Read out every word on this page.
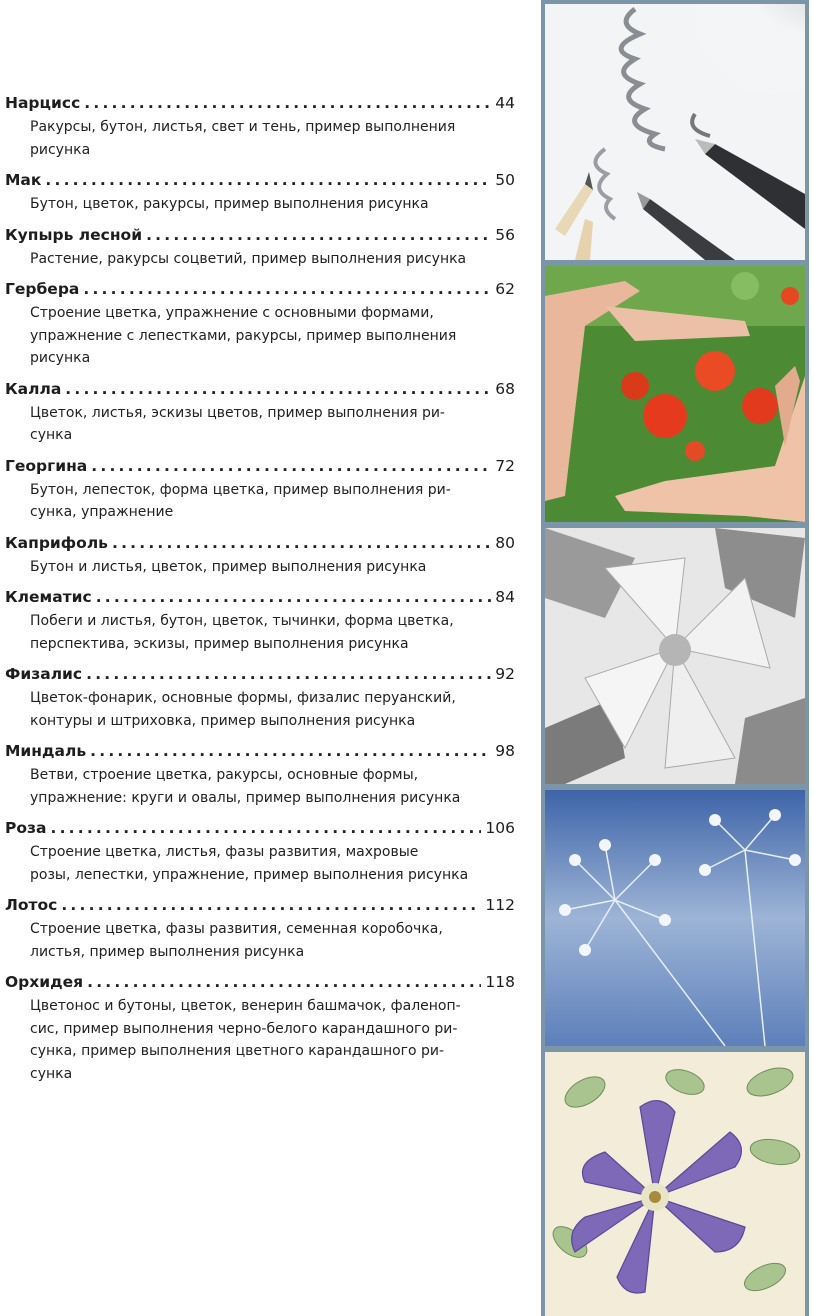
Нарцисс .....	44
Ракурсы, бутон, листья, свет и тень, пример выполнения
рисунка
Мак .....	50
Бутон, цветок, ракурсы, пример выполнения рисунка
Купырь лесной .....	56
Растение, ракурсы соцветий, пример выполнения рисунка
Гербера .....	62
Строение цветка, упражнение с основными формами,
упражнение с лепестками, ракурсы, пример выполнения
рисунка
Калла .....	68
Цветок, листья, эскизы цветов, пример выполнения ри-
сунка
Георгина .....	72
Бутон, лепесток, форма цветка, пример выполнения ри-
сунка, упражнение
Каприфоль .....	80
Бутон и листья, цветок, пример выполнения рисунка
Клематис .....	84
Побеги и листья, бутон, цветок, тычинки, форма цветка,
перспектива, эскизы, пример выполнения рисунка
Физалис .....	92
Цветок-фонарик, основные формы, физалис перуанский,
контуры и штриховка, пример выполнения рисунка
Миндаль .....	98
Ветви, строение цветка, ракурсы, основные формы,
упражнение: круги и овалы, пример выполнения рисунка
Роза .....	106
Строение цветка, листья, фазы развития, махровые
розы, лепестки, упражнение, пример выполнения рисунка
Лотос .....	112
Строение цветка, фазы развития, семенная коробочка,
листья, пример выполнения рисунка
Орхидея .....	118
Цветонос и бутоны, цветок, венерин башмачок, фаленоп-
сис, пример выполнения черно-белого карандашного ри-
сунка, пример выполнения цветного карандашного ри-
сунка
